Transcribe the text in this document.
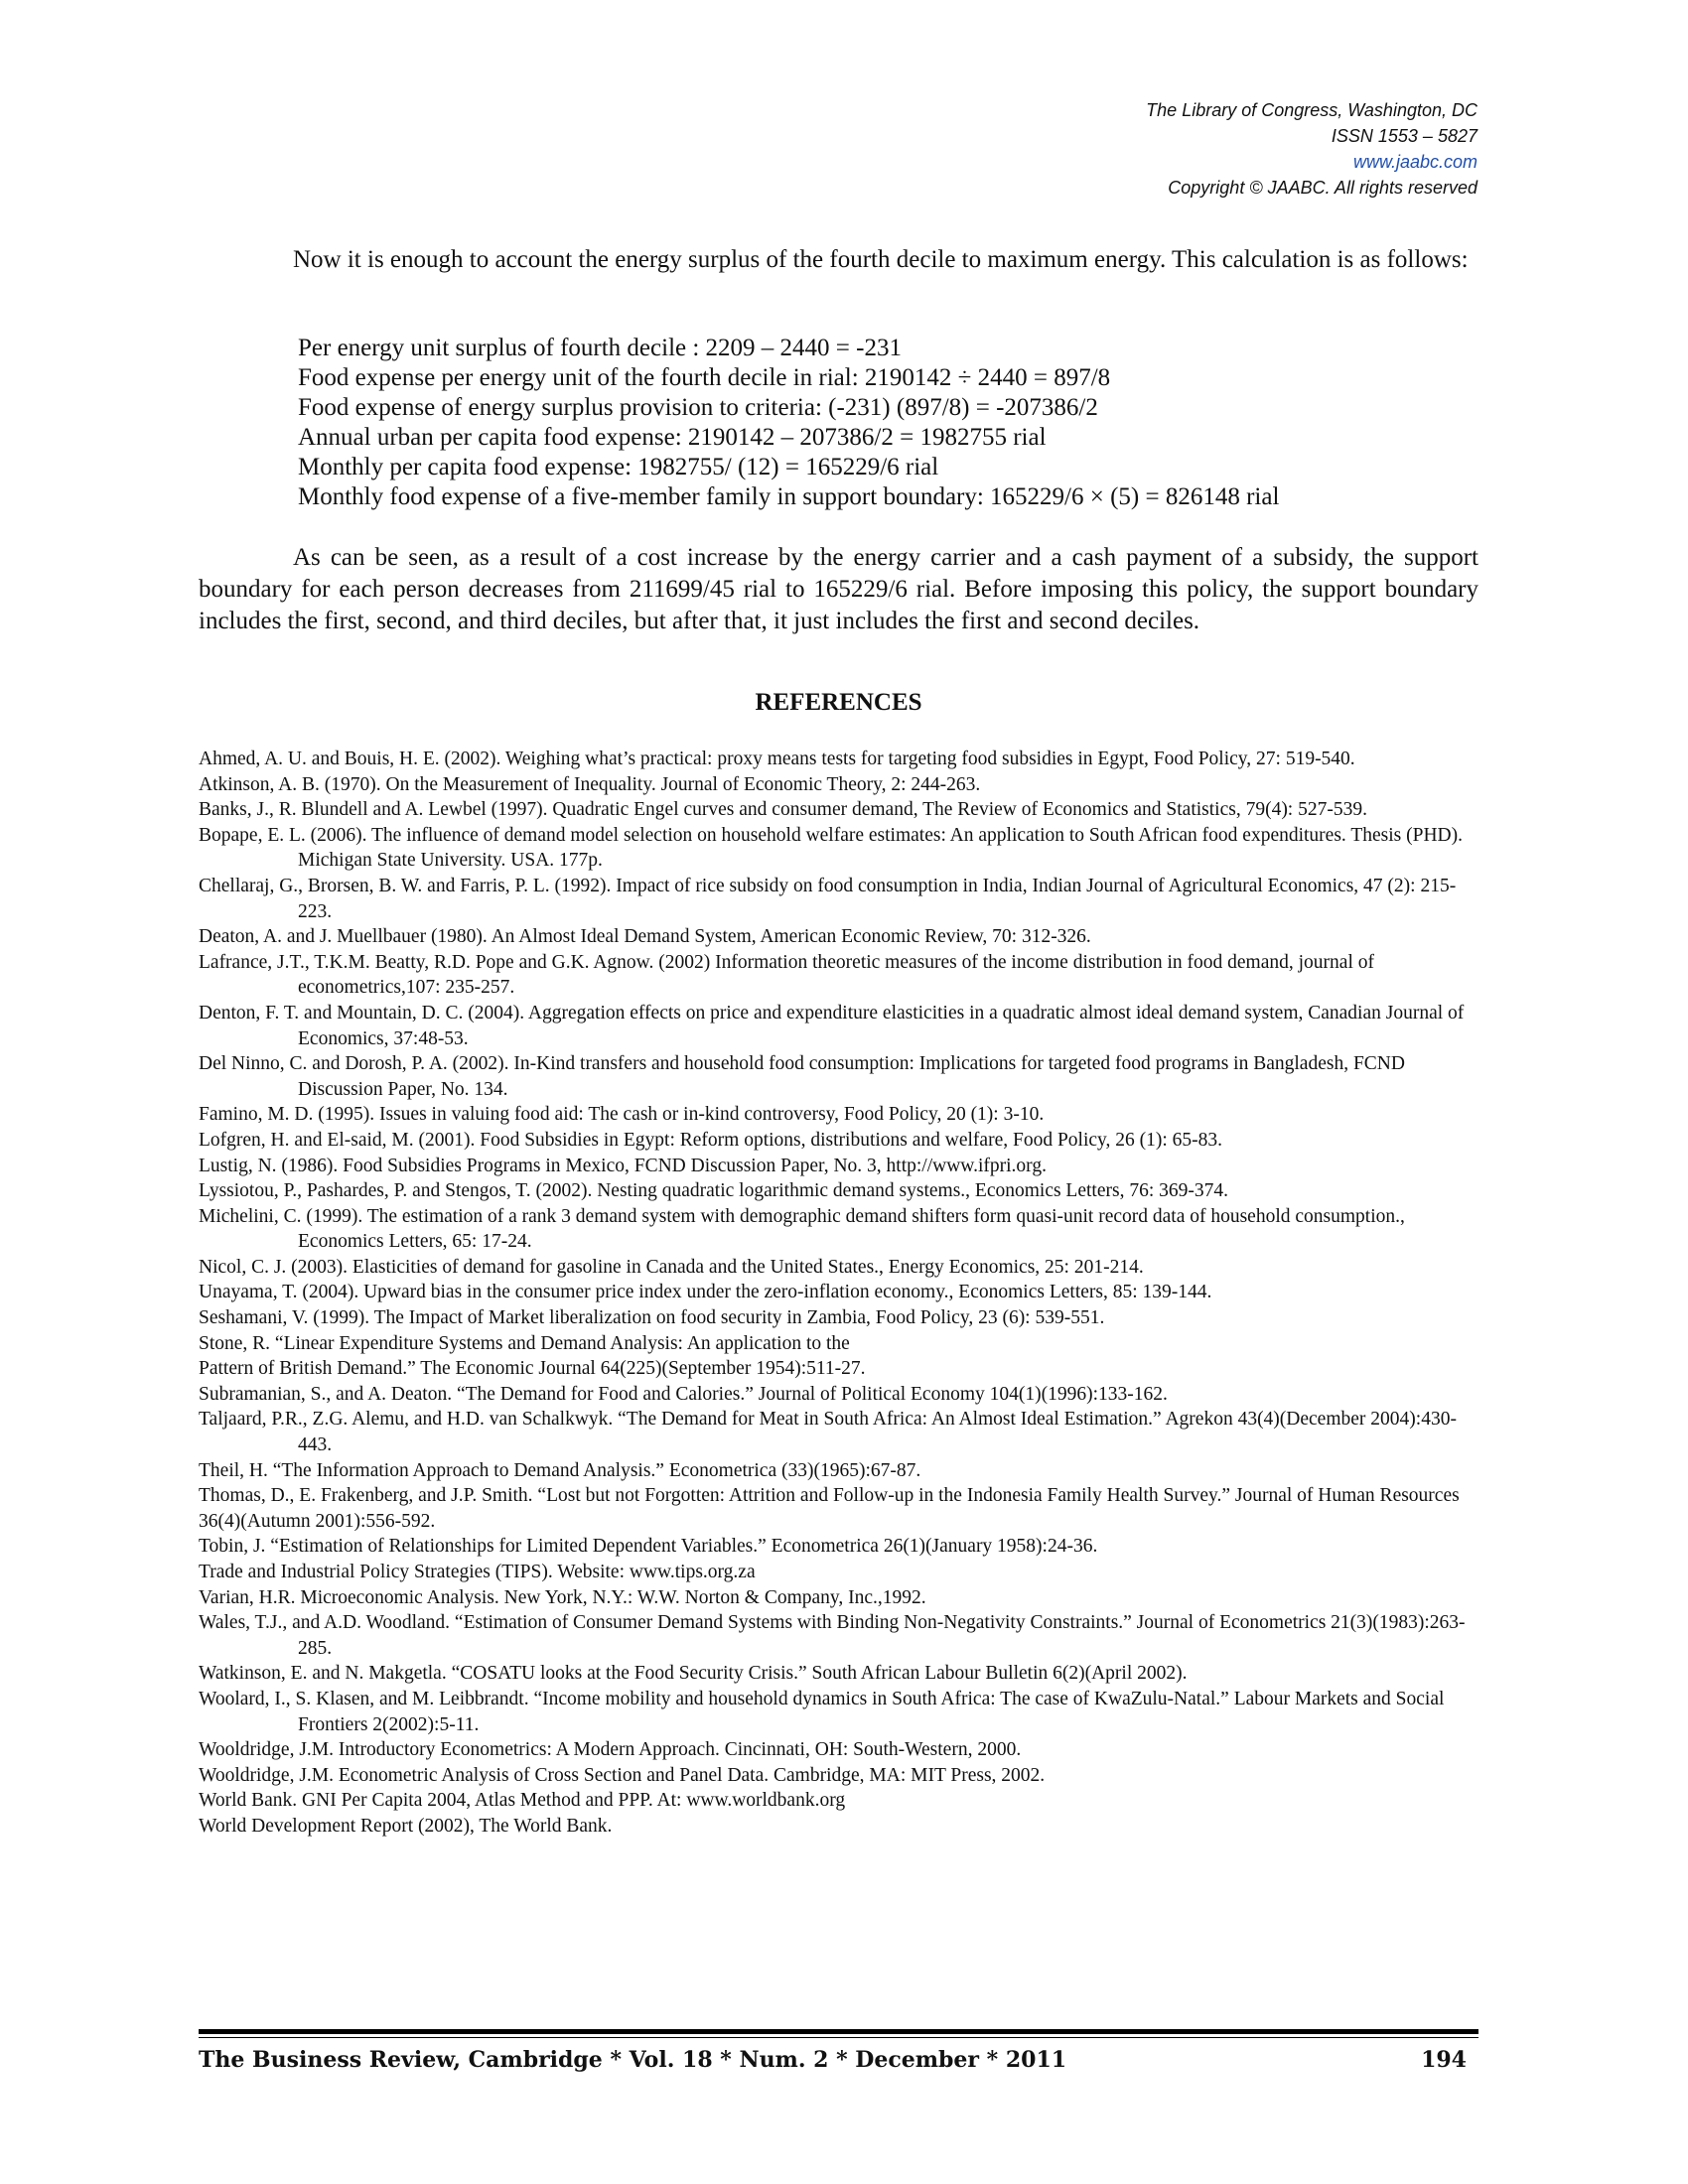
The Library of Congress, Washington, DC
ISSN 1553 – 5827
www.jaabc.com
Copyright © JAABC. All rights reserved
Now it is enough to account the energy surplus of the fourth decile to maximum energy. This calculation is as follows:
Per energy unit surplus of fourth decile : 2209 – 2440 = -231
Food expense per energy unit of the fourth decile in rial: 2190142 ÷ 2440 = 897/8
Food expense of energy surplus provision to criteria: (-231) (897/8) = -207386/2
Annual urban per capita food expense: 2190142 – 207386/2 = 1982755 rial
Monthly per capita food expense: 1982755/ (12) = 165229/6 rial
Monthly food expense of a five-member family in support boundary: 165229/6 × (5) = 826148 rial
As can be seen, as a result of a cost increase by the energy carrier and a cash payment of a subsidy, the support boundary for each person decreases from 211699/45 rial to 165229/6 rial. Before imposing this policy, the support boundary includes the first, second, and third deciles, but after that, it just includes the first and second deciles.
REFERENCES
Ahmed, A. U. and Bouis, H. E. (2002). Weighing what’s practical: proxy means tests for targeting food subsidies in Egypt, Food Policy, 27: 519-540.
Atkinson, A. B. (1970). On the Measurement of Inequality. Journal of Economic Theory, 2: 244-263.
Banks, J., R. Blundell and A. Lewbel (1997). Quadratic Engel curves and consumer demand, The Review of Economics and Statistics, 79(4): 527-539.
Bopape, E. L. (2006). The influence of demand model selection on household welfare estimates: An application to South African food expenditures. Thesis (PHD). Michigan State University. USA. 177p.
Chellaraj, G., Brorsen, B. W. and Farris, P. L. (1992). Impact of rice subsidy on food consumption in India, Indian Journal of Agricultural Economics, 47 (2): 215-223.
Deaton, A. and J. Muellbauer (1980). An Almost Ideal Demand System, American Economic Review, 70: 312-326.
Lafrance, J.T., T.K.M. Beatty, R.D. Pope and G.K. Agnow. (2002) Information theoretic measures of the income distribution in food demand, journal of econometrics,107: 235-257.
Denton, F. T. and Mountain, D. C. (2004). Aggregation effects on price and expenditure elasticities in a quadratic almost ideal demand system, Canadian Journal of Economics, 37:48-53.
Del Ninno, C. and Dorosh, P. A. (2002). In-Kind transfers and household food consumption: Implications for targeted food programs in Bangladesh, FCND Discussion Paper, No. 134.
Famino, M. D. (1995). Issues in valuing food aid: The cash or in-kind controversy, Food Policy, 20 (1): 3-10.
Lofgren, H. and El-said, M. (2001). Food Subsidies in Egypt: Reform options, distributions and welfare, Food Policy, 26 (1): 65-83.
Lustig, N. (1986). Food Subsidies Programs in Mexico, FCND Discussion Paper, No. 3, http://www.ifpri.org.
Lyssiotou, P., Pashardes, P. and Stengos, T. (2002). Nesting quadratic logarithmic demand systems., Economics Letters, 76: 369-374.
Michelini, C. (1999). The estimation of a rank 3 demand system with demographic demand shifters form quasi-unit record data of household consumption., Economics Letters, 65: 17-24.
Nicol, C. J. (2003). Elasticities of demand for gasoline in Canada and the United States., Energy Economics, 25: 201-214.
Unayama, T. (2004). Upward bias in the consumer price index under the zero-inflation economy., Economics Letters, 85: 139-144.
Seshamani, V. (1999). The Impact of Market liberalization on food security in Zambia, Food Policy, 23 (6): 539-551.
Stone, R. “Linear Expenditure Systems and Demand Analysis: An application to the
Pattern of British Demand.” The Economic Journal 64(225)(September 1954):511-27.
Subramanian, S., and A. Deaton. “The Demand for Food and Calories.” Journal of Political Economy 104(1)(1996):133-162.
Taljaard, P.R., Z.G. Alemu, and H.D. van Schalkwyk. “The Demand for Meat in South Africa: An Almost Ideal Estimation.” Agrekon 43(4)(December 2004):430-443.
Theil, H. “The Information Approach to Demand Analysis.” Econometrica (33)(1965):67-87.
Thomas, D., E. Frakenberg, and J.P. Smith. “Lost but not Forgotten: Attrition and Follow-up in the Indonesia Family Health Survey.” Journal of Human Resources
36(4)(Autumn 2001):556-592.
Tobin, J. “Estimation of Relationships for Limited Dependent Variables.” Econometrica 26(1)(January 1958):24-36.
Trade and Industrial Policy Strategies (TIPS). Website: www.tips.org.za
Varian, H.R. Microeconomic Analysis. New York, N.Y.: W.W. Norton & Company, Inc.,1992.
Wales, T.J., and A.D. Woodland. “Estimation of Consumer Demand Systems with Binding Non-Negativity Constraints.” Journal of Econometrics 21(3)(1983):263-285.
Watkinson, E. and N. Makgetla. “COSATU looks at the Food Security Crisis.” South African Labour Bulletin 6(2)(April 2002).
Woolard, I., S. Klasen, and M. Leibbrandt. “Income mobility and household dynamics in South Africa: The case of KwaZulu-Natal.” Labour Markets and Social Frontiers 2(2002):5-11.
Wooldridge, J.M. Introductory Econometrics: A Modern Approach. Cincinnati, OH: South-Western, 2000.
Wooldridge, J.M. Econometric Analysis of Cross Section and Panel Data. Cambridge, MA: MIT Press, 2002.
World Bank. GNI Per Capita 2004, Atlas Method and PPP. At: www.worldbank.org
World Development Report (2002), The World Bank.
The Business Review, Cambridge * Vol. 18 * Num. 2 * December * 2011	194
